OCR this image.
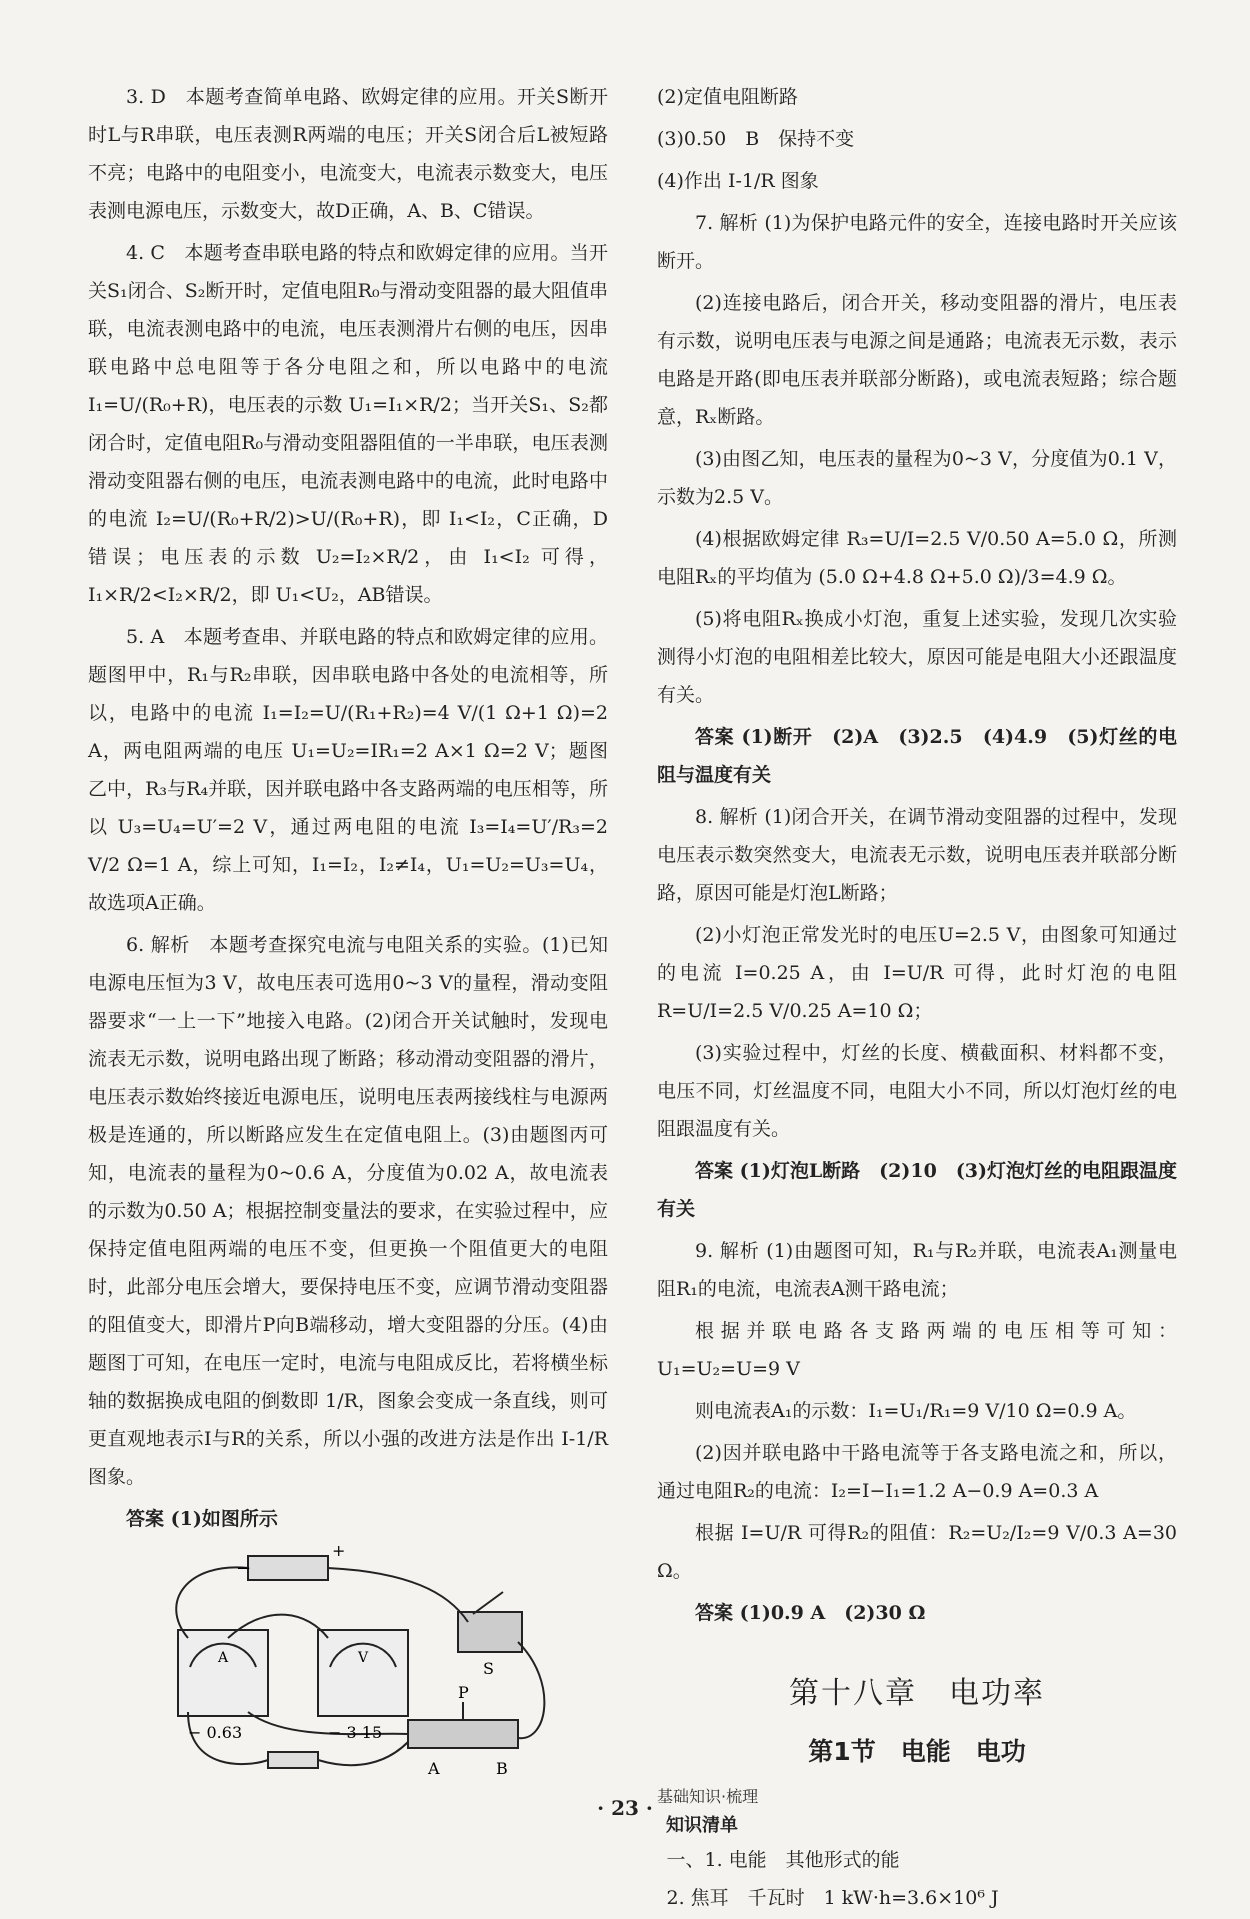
3. D　本题考查简单电路、欧姆定律的应用。开关S断开时L与R串联，电压表测R两端的电压；开关S闭合后L被短路不亮；电路中的电阻变小，电流变大，电流表示数变大，电压表测电源电压，示数变大，故D正确，A、B、C错误。

4. C　本题考查串联电路的特点和欧姆定律的应用。当开关S₁闭合、S₂断开时，定值电阻R₀与滑动变阻器的最大阻值串联，电流表测电路中的电流，电压表测滑片右侧的电压，因串联电路中总电阻等于各分电阻之和，所以电路中的电流 I₁=U/(R₀+R)，电压表的示数 U₁=I₁×R/2；当开关S₁、S₂都闭合时，定值电阻R₀与滑动变阻器阻值的一半串联，电压表测滑动变阻器右侧的电压，电流表测电路中的电流，此时电路中的电流 I₂=U/(R₀+R/2)>U/(R₀+R)，即 I₁<I₂，C正确，D错误；电压表的示数 U₂=I₂×R/2，由 I₁<I₂ 可得，I₁×R/2<I₂×R/2，即 U₁<U₂，AB错误。

5. A　本题考查串、并联电路的特点和欧姆定律的应用。题图甲中，R₁与R₂串联，因串联电路中各处的电流相等，所以，电路中的电流 I₁=I₂=U/(R₁+R₂)=4 V/(1 Ω+1 Ω)=2 A，两电阻两端的电压 U₁=U₂=IR₁=2 A×1 Ω=2 V；题图乙中，R₃与R₄并联，因并联电路中各支路两端的电压相等，所以 U₃=U₄=U′=2 V，通过两电阻的电流 I₃=I₄=U′/R₃=2 V/2 Ω=1 A，综上可知，I₁=I₂，I₂≠I₄，U₁=U₂=U₃=U₄，故选项A正确。

6. 解析　本题考查探究电流与电阻关系的实验。(1)已知电源电压恒为3 V，故电压表可选用0~3 V的量程，滑动变阻器要求“一上一下”地接入电路。(2)闭合开关试触时，发现电流表无示数，说明电路出现了断路；移动滑动变阻器的滑片，电压表示数始终接近电源电压，说明电压表两接线柱与电源两极是连通的，所以断路应发生在定值电阻上。(3)由题图丙可知，电流表的量程为0~0.6 A，分度值为0.02 A，故电流表的示数为0.50 A；根据控制变量法的要求，在实验过程中，应保持定值电阻两端的电压不变，但更换一个阻值更大的电阻时，此部分电压会增大，要保持电压不变，应调节滑动变阻器的阻值变大，即滑片P向B端移动，增大变阻器的分压。(4)由题图丁可知，在电压一定时，电流与电阻成反比，若将横坐标轴的数据换成电阻的倒数即 1/R，图象会变成一条直线，则可更直观地表示I与R的关系，所以小强的改进方法是作出 I-1/R 图象。

答案 (1)如图所示

+
−
A	V
− 0.63	− 3 15
S
P
A	B

(2)定值电阻断路

(3)0.50　B　保持不变

(4)作出 I-1/R 图象

7. 解析 (1)为保护电路元件的安全，连接电路时开关应该断开。

(2)连接电路后，闭合开关，移动变阻器的滑片，电压表有示数，说明电压表与电源之间是通路；电流表无示数，表示电路是开路(即电压表并联部分断路)，或电流表短路；综合题意，Rₓ断路。

(3)由图乙知，电压表的量程为0~3 V，分度值为0.1 V，示数为2.5 V。

(4)根据欧姆定律 R₃=U/I=2.5 V/0.50 A=5.0 Ω，所测电阻Rₓ的平均值为 (5.0 Ω+4.8 Ω+5.0 Ω)/3=4.9 Ω。

(5)将电阻Rₓ换成小灯泡，重复上述实验，发现几次实验测得小灯泡的电阻相差比较大，原因可能是电阻大小还跟温度有关。

答案 (1)断开　(2)A　(3)2.5　(4)4.9　(5)灯丝的电阻与温度有关

8. 解析 (1)闭合开关，在调节滑动变阻器的过程中，发现电压表示数突然变大，电流表无示数，说明电压表并联部分断路，原因可能是灯泡L断路；

(2)小灯泡正常发光时的电压U=2.5 V，由图象可知通过的电流 I=0.25 A，由 I=U/R 可得，此时灯泡的电阻 R=U/I=2.5 V/0.25 A=10 Ω；

(3)实验过程中，灯丝的长度、横截面积、材料都不变，电压不同，灯丝温度不同，电阻大小不同，所以灯泡灯丝的电阻跟温度有关。

答案 (1)灯泡L断路　(2)10　(3)灯泡灯丝的电阻跟温度有关

9. 解析 (1)由题图可知，R₁与R₂并联，电流表A₁测量电阻R₁的电流，电流表A测干路电流；

根据并联电路各支路两端的电压相等可知：U₁=U₂=U=9 V

则电流表A₁的示数：I₁=U₁/R₁=9 V/10 Ω=0.9 A。

(2)因并联电路中干路电流等于各支路电流之和，所以，通过电阻R₂的电流：I₂=I−I₁=1.2 A−0.9 A=0.3 A

根据 I=U/R 可得R₂的阻值：R₂=U₂/I₂=9 V/0.3 A=30 Ω。

答案 (1)0.9 A　(2)30 Ω

第十八章　电功率
第1节　电能　电功
基础知识·梳理
知识清单

一、1. 电能　其他形式的能

2. 焦耳　千瓦时　1 kW·h=3.6×10⁶ J

· 23 ·
